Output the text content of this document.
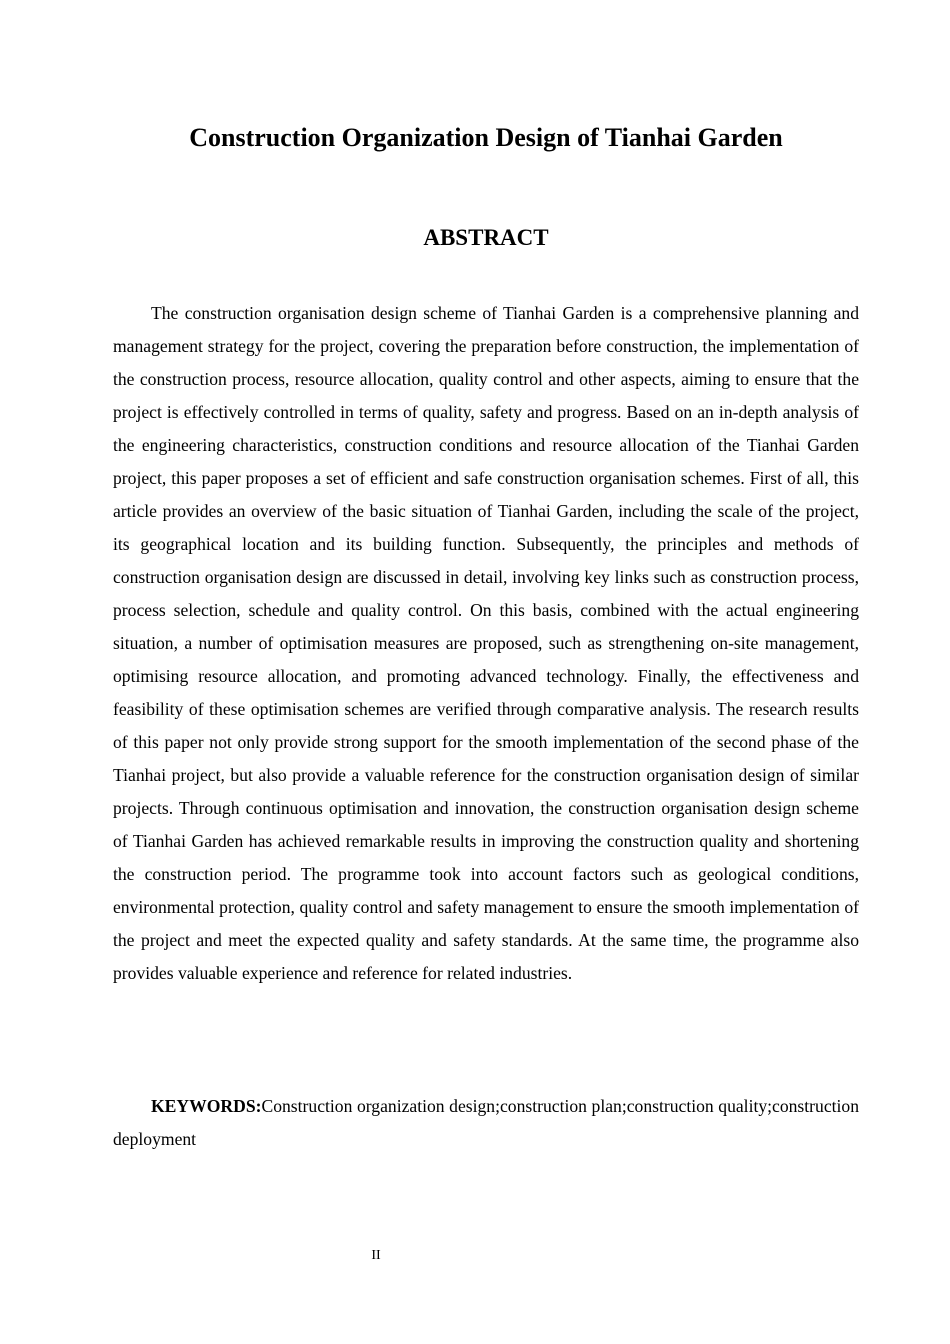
Construction Organization Design of Tianhai Garden
ABSTRACT

The construction organisation design scheme of Tianhai Garden is a comprehensive planning and management strategy for the project, covering the preparation before construction, the implementation of the construction process, resource allocation, quality control and other aspects, aiming to ensure that the project is effectively controlled in terms of quality, safety and progress. Based on an in-depth analysis of the engineering characteristics, construction conditions and resource allocation of the Tianhai Garden project, this paper proposes a set of efficient and safe construction organisation schemes. First of all, this article provides an overview of the basic situation of Tianhai Garden, including the scale of the project, its geographical location and its building function. Subsequently, the principles and methods of construction organisation design are discussed in detail, involving key links such as construction process, process selection, schedule and quality control. On this basis, combined with the actual engineering situation, a number of optimisation measures are proposed, such as strengthening on-site management, optimising resource allocation, and promoting advanced technology. Finally, the effectiveness and feasibility of these optimisation schemes are verified through comparative analysis. The research results of this paper not only provide strong support for the smooth implementation of the second phase of the Tianhai project, but also provide a valuable reference for the construction organisation design of similar projects. Through continuous optimisation and innovation, the construction organisation design scheme of Tianhai Garden has achieved remarkable results in improving the construction quality and shortening the construction period. The programme took into account factors such as geological conditions, environmental protection, quality control and safety management to ensure the smooth implementation of the project and meet the expected quality and safety standards. At the same time, the programme also provides valuable experience and reference for related industries.

KEYWORDS:Construction organization design;construction plan;construction quality;construction deployment

II
